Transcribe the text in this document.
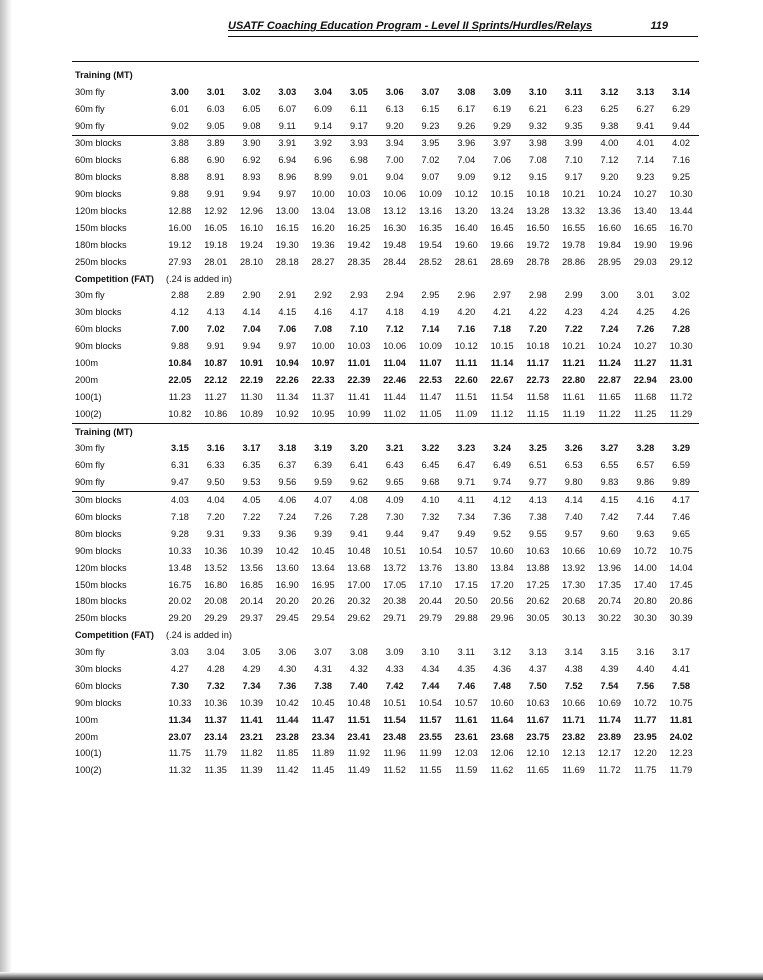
USATF Coaching Education Program - Level II Sprints/Hurdles/Relays	119
Training (MT)															
30m fly	3.00	3.01	3.02	3.03	3.04	3.05	3.06	3.07	3.08	3.09	3.10	3.11	3.12	3.13	3.14
60m fly	6.01	6.03	6.05	6.07	6.09	6.11	6.13	6.15	6.17	6.19	6.21	6.23	6.25	6.27	6.29
90m fly	9.02	9.05	9.08	9.11	9.14	9.17	9.20	9.23	9.26	9.29	9.32	9.35	9.38	9.41	9.44
30m blocks	3.88	3.89	3.90	3.91	3.92	3.93	3.94	3.95	3.96	3.97	3.98	3.99	4.00	4.01	4.02
60m blocks	6.88	6.90	6.92	6.94	6.96	6.98	7.00	7.02	7.04	7.06	7.08	7.10	7.12	7.14	7.16
80m blocks	8.88	8.91	8.93	8.96	8.99	9.01	9.04	9.07	9.09	9.12	9.15	9.17	9.20	9.23	9.25
90m blocks	9.88	9.91	9.94	9.97	10.00	10.03	10.06	10.09	10.12	10.15	10.18	10.21	10.24	10.27	10.30
120m blocks	12.88	12.92	12.96	13.00	13.04	13.08	13.12	13.16	13.20	13.24	13.28	13.32	13.36	13.40	13.44
150m blocks	16.00	16.05	16.10	16.15	16.20	16.25	16.30	16.35	16.40	16.45	16.50	16.55	16.60	16.65	16.70
180m blocks	19.12	19.18	19.24	19.30	19.36	19.42	19.48	19.54	19.60	19.66	19.72	19.78	19.84	19.90	19.96
250m blocks	27.93	28.01	28.10	28.18	28.27	28.35	28.44	28.52	28.61	28.69	28.78	28.86	28.95	29.03	29.12
Competition (FAT)	(.24 is added in)														
30m fly	2.88	2.89	2.90	2.91	2.92	2.93	2.94	2.95	2.96	2.97	2.98	2.99	3.00	3.01	3.02
30m blocks	4.12	4.13	4.14	4.15	4.16	4.17	4.18	4.19	4.20	4.21	4.22	4.23	4.24	4.25	4.26
60m blocks	7.00	7.02	7.04	7.06	7.08	7.10	7.12	7.14	7.16	7.18	7.20	7.22	7.24	7.26	7.28
90m blocks	9.88	9.91	9.94	9.97	10.00	10.03	10.06	10.09	10.12	10.15	10.18	10.21	10.24	10.27	10.30
100m	10.84	10.87	10.91	10.94	10.97	11.01	11.04	11.07	11.11	11.14	11.17	11.21	11.24	11.27	11.31
200m	22.05	22.12	22.19	22.26	22.33	22.39	22.46	22.53	22.60	22.67	22.73	22.80	22.87	22.94	23.00
100(1)	11.23	11.27	11.30	11.34	11.37	11.41	11.44	11.47	11.51	11.54	11.58	11.61	11.65	11.68	11.72
100(2)	10.82	10.86	10.89	10.92	10.95	10.99	11.02	11.05	11.09	11.12	11.15	11.19	11.22	11.25	11.29
Training (MT)															
30m fly	3.15	3.16	3.17	3.18	3.19	3.20	3.21	3.22	3.23	3.24	3.25	3.26	3.27	3.28	3.29
60m fly	6.31	6.33	6.35	6.37	6.39	6.41	6.43	6.45	6.47	6.49	6.51	6.53	6.55	6.57	6.59
90m fly	9.47	9.50	9.53	9.56	9.59	9.62	9.65	9.68	9.71	9.74	9.77	9.80	9.83	9.86	9.89
30m blocks	4.03	4.04	4.05	4.06	4.07	4.08	4.09	4.10	4.11	4.12	4.13	4.14	4.15	4.16	4.17
60m blocks	7.18	7.20	7.22	7.24	7.26	7.28	7.30	7.32	7.34	7.36	7.38	7.40	7.42	7.44	7.46
80m blocks	9.28	9.31	9.33	9.36	9.39	9.41	9.44	9.47	9.49	9.52	9.55	9.57	9.60	9.63	9.65
90m blocks	10.33	10.36	10.39	10.42	10.45	10.48	10.51	10.54	10.57	10.60	10.63	10.66	10.69	10.72	10.75
120m blocks	13.48	13.52	13.56	13.60	13.64	13.68	13.72	13.76	13.80	13.84	13.88	13.92	13.96	14.00	14.04
150m blocks	16.75	16.80	16.85	16.90	16.95	17.00	17.05	17.10	17.15	17.20	17.25	17.30	17.35	17.40	17.45
180m blocks	20.02	20.08	20.14	20.20	20.26	20.32	20.38	20.44	20.50	20.56	20.62	20.68	20.74	20.80	20.86
250m blocks	29.20	29.29	29.37	29.45	29.54	29.62	29.71	29.79	29.88	29.96	30.05	30.13	30.22	30.30	30.39
Competition (FAT)	(.24 is added in)														
30m fly	3.03	3.04	3.05	3.06	3.07	3.08	3.09	3.10	3.11	3.12	3.13	3.14	3.15	3.16	3.17
30m blocks	4.27	4.28	4.29	4.30	4.31	4.32	4.33	4.34	4.35	4.36	4.37	4.38	4.39	4.40	4.41
60m blocks	7.30	7.32	7.34	7.36	7.38	7.40	7.42	7.44	7.46	7.48	7.50	7.52	7.54	7.56	7.58
90m blocks	10.33	10.36	10.39	10.42	10.45	10.48	10.51	10.54	10.57	10.60	10.63	10.66	10.69	10.72	10.75
100m	11.34	11.37	11.41	11.44	11.47	11.51	11.54	11.57	11.61	11.64	11.67	11.71	11.74	11.77	11.81
200m	23.07	23.14	23.21	23.28	23.34	23.41	23.48	23.55	23.61	23.68	23.75	23.82	23.89	23.95	24.02
100(1)	11.75	11.79	11.82	11.85	11.89	11.92	11.96	11.99	12.03	12.06	12.10	12.13	12.17	12.20	12.23
100(2)	11.32	11.35	11.39	11.42	11.45	11.49	11.52	11.55	11.59	11.62	11.65	11.69	11.72	11.75	11.79
